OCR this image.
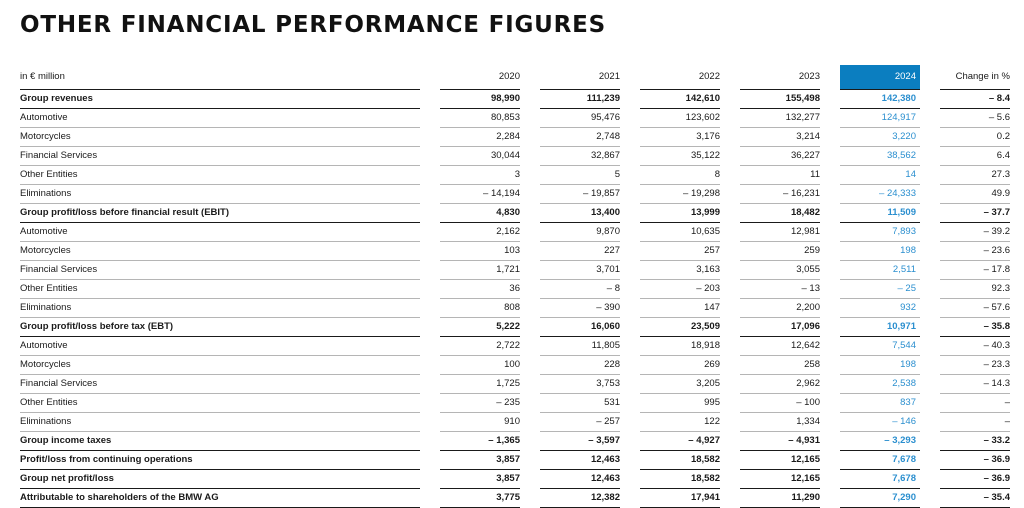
OTHER FINANCIAL PERFORMANCE FIGURES
in € million	2020	2021	2022	2023	2024	Change in %
Group revenues	98,990	111,239	142,610	155,498	142,380	– 8.4
Automotive	80,853	95,476	123,602	132,277	124,917	– 5.6
Motorcycles	2,284	2,748	3,176	3,214	3,220	0.2
Financial Services	30,044	32,867	35,122	36,227	38,562	6.4
Other Entities	3	5	8	11	14	27.3
Eliminations	– 14,194	– 19,857	– 19,298	– 16,231	– 24,333	49.9
Group profit/loss before financial result (EBIT)	4,830	13,400	13,999	18,482	11,509	– 37.7
Automotive	2,162	9,870	10,635	12,981	7,893	– 39.2
Motorcycles	103	227	257	259	198	– 23.6
Financial Services	1,721	3,701	3,163	3,055	2,511	– 17.8
Other Entities	36	– 8	– 203	– 13	– 25	92.3
Eliminations	808	– 390	147	2,200	932	– 57.6
Group profit/loss before tax (EBT)	5,222	16,060	23,509	17,096	10,971	– 35.8
Automotive	2,722	11,805	18,918	12,642	7,544	– 40.3
Motorcycles	100	228	269	258	198	– 23.3
Financial Services	1,725	3,753	3,205	2,962	2,538	– 14.3
Other Entities	– 235	531	995	– 100	837	–
Eliminations	910	– 257	122	1,334	– 146	–
Group income taxes	– 1,365	– 3,597	– 4,927	– 4,931	– 3,293	– 33.2
Profit/loss from continuing operations	3,857	12,463	18,582	12,165	7,678	– 36.9
Group net profit/loss	3,857	12,463	18,582	12,165	7,678	– 36.9
Attributable to shareholders of the BMW AG	3,775	12,382	17,941	11,290	7,290	– 35.4
